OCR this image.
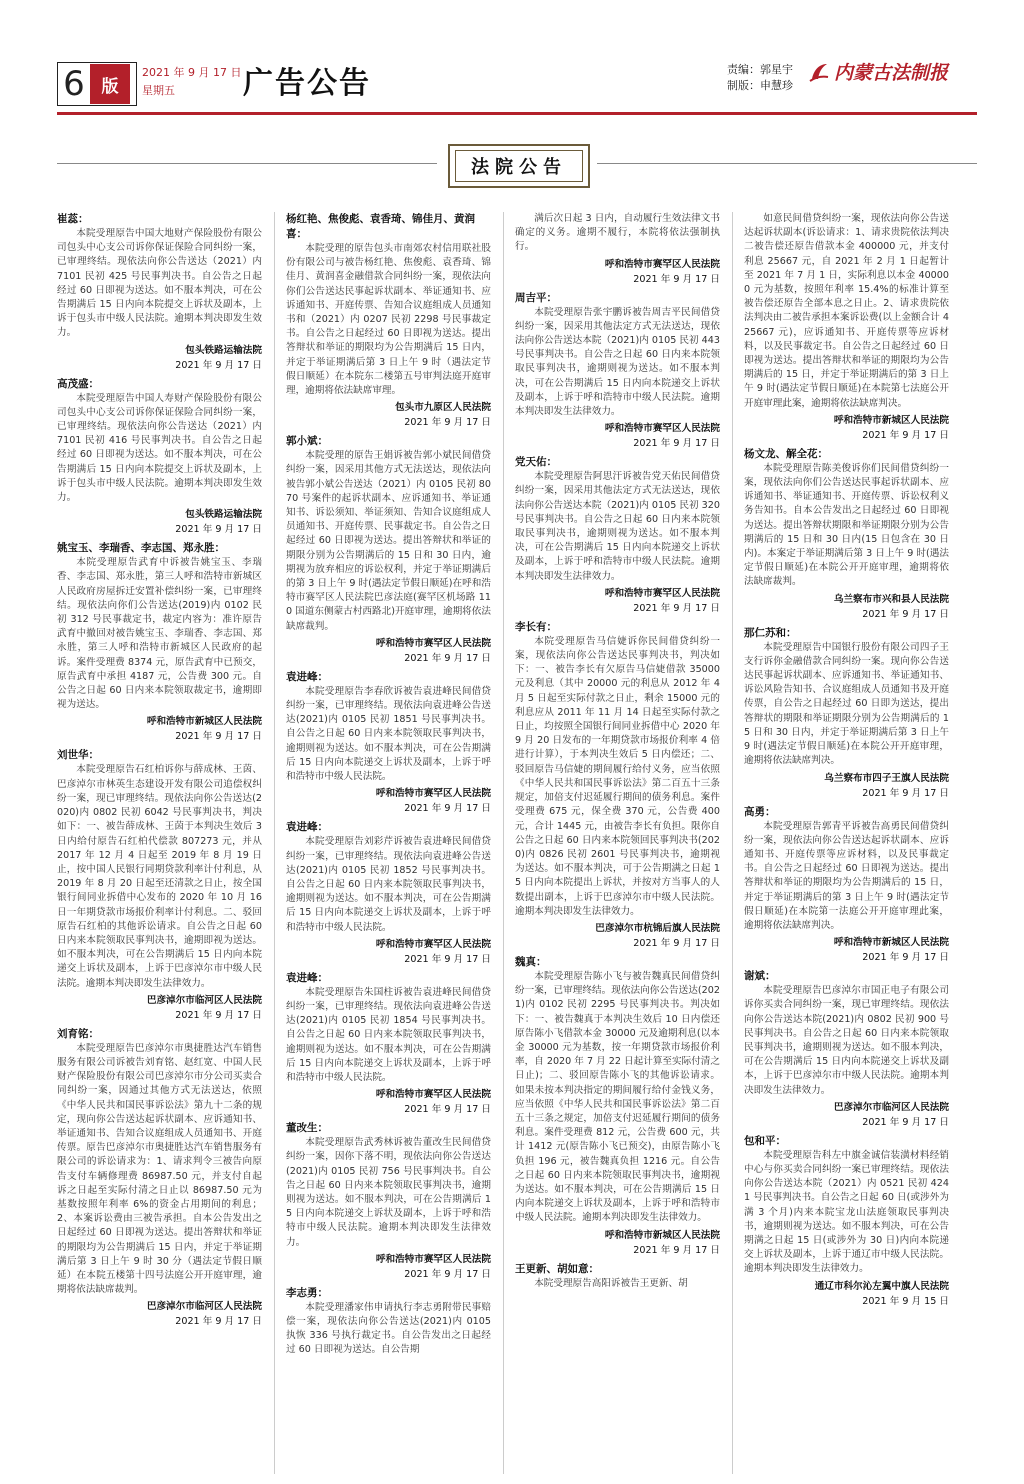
6 版
2021 年 9 月 17 日
星期五	广告公告	责编：郭星宇
制版：申慧珍
内蒙古法制报
法院公告

崔蕊：

本院受理原告中国大地财产保险股份有限公司包头中心支公司诉你保证保险合同纠纷一案，已审理终结。现依法向你公告送达（2021）内 7101 民初 425 号民事判决书。自公告之日起经过 60 日即视为送达。如不服本判决，可在公告期满后 15 日内向本院提交上诉状及副本，上诉于包头市中级人民法院。逾期本判决即发生效力。

包头铁路运输法院

2021 年 9 月 17 日

高茂盛：

本院受理原告中国人寿财产保险股份有限公司包头中心支公司诉你保证保险合同纠纷一案，已审理终结。现依法向你公告送达（2021）内 7101 民初 416 号民事判决书。自公告之日起经过 60 日即视为送达。如不服本判决，可在公告期满后 15 日内向本院提交上诉状及副本，上诉于包头市中级人民法院。逾期本判决即发生效力。

包头铁路运输法院

2021 年 9 月 17 日

姚宝玉、李瑞香、李志国、郑永胜：

本院受理原告武育中诉被告姚宝玉、李瑞香、李志国、郑永胜，第三人呼和浩特市新城区人民政府房屋拆迁安置补偿纠纷一案，已审理终结。现依法向你们公告送达(2019)内 0102 民初 312 号民事裁定书，裁定内容为：准许原告武育中撤回对被告姚宝玉、李瑞香、李志国、郑永胜，第三人呼和浩特市新城区人民政府的起诉。案件受理费 8374 元，原告武育中已预交，原告武育中承担 4187 元，公告费 300 元。自公告之日起 60 日内来本院领取裁定书，逾期即视为送达。

呼和浩特市新城区人民法院

2021 年 9 月 17 日

刘世华：

本院受理原告石红柏诉你与薛成林、王茵、巴彦淖尔市林英生态建设开发有限公司追偿权纠纷一案，现已审理终结。现依法向你公告送达(2020)内 0802 民初 6042 号民事判决书，判决如下：一、被告薛成林、王茵于本判决生效后 3 日内给付原告石红柏代偿款 807273 元，并从 2017 年 12 月 4 日起至 2019 年 8 月 19 日止，按中国人民银行同期贷款利率计付利息，从 2019 年 8 月 20 日起至还清款之日止，按全国银行间同业拆借中心发布的 2020 年 10 月 16 日一年期贷款市场报价利率计付利息。二、驳回原告石红柏的其他诉讼请求。自公告之日起 60 日内来本院领取民事判决书，逾期即视为送达。如不服本判决，可在公告期满后 15 日内向本院递交上诉状及副本，上诉于巴彦淖尔市中级人民法院。逾期本判决即发生法律效力。

巴彦淖尔市临河区人民法院

2021 年 9 月 17 日

刘育铭：

本院受理原告巴彦淖尔市奥捷胜达汽车销售服务有限公司诉被告刘育铭、赵红宽、中国人民财产保险股份有限公司巴彦淖尔市分公司买卖合同纠纷一案，因通过其他方式无法送达，依照《中华人民共和国民事诉讼法》第九十二条的规定，现向你公告送达起诉状副本、应诉通知书、举证通知书、告知合议庭组成人员通知书、开庭传票。原告巴彦淖尔市奥捷胜达汽车销售服务有限公司的诉讼请求为：1、请求判令三被告向原告支付车辆修理费 86987.50 元，并支付自起诉之日起至实际付清之日止以 86987.50 元为基数按照年利率 6%的资金占用期间的利息；2、本案诉讼费由三被告承担。自本公告发出之日起经过 60 日即视为送达。提出答辩状和举证的期限均为公告期满后 15 日内，并定于举证期满后第 3 日上午 9 时 30 分（遇法定节假日顺延）在本院五楼第十四号法庭公开开庭审理，逾期将依法缺席裁判。

巴彦淖尔市临河区人民法院

2021 年 9 月 17 日

杨红艳、焦俊彪、袁香琦、锦佳月、黄润喜：

本院受理的原告包头市南郊农村信用联社股份有限公司与被告杨红艳、焦俊彪、袁香琦、锦佳月、黄润喜金融借款合同纠纷一案，现依法向你们公告送达民事起诉状副本、举证通知书、应诉通知书、开庭传票、告知合议庭组成人员通知书和（2021）内 0207 民初 2298 号民事裁定书。自公告之日起经过 60 日即视为送达。提出答辩状和举证的期限均为公告期满后 15 日内，并定于举证期满后第 3 日上午 9 时（遇法定节假日顺延）在本院东二楼第五号审判法庭开庭审理，逾期将依法缺席审理。

包头市九原区人民法院

2021 年 9 月 17 日

郭小斌：

本院受理的原告王娟诉被告郭小斌民间借贷纠纷一案，因采用其他方式无法送达，现依法向被告郭小斌公告送达（2021）内 0105 民初 8070 号案件的起诉状副本、应诉通知书、举证通知书、诉讼须知、举证须知、告知合议庭组成人员通知书、开庭传票、民事裁定书。自公告之日起经过 60 日即视为送达。提出答辩状和举证的期限分别为公告期满后的 15 日和 30 日内，逾期视为放弃相应的诉讼权利，并定于举证期满后的第 3 日上午 9 时(遇法定节假日顺延)在呼和浩特市赛罕区人民法院巴彦法庭(赛罕区机场路 110 国道东侧蒙古村西路北)开庭审理，逾期将依法缺席裁判。

呼和浩特市赛罕区人民法院

2021 年 9 月 17 日

袁进峰：

本院受理原告李春欣诉被告袁进峰民间借贷纠纷一案，已审理终结。现依法向袁进峰公告送达(2021)内 0105 民初 1851 号民事判决书。自公告之日起 60 日内来本院领取民事判决书，逾期则视为送达。如不服本判决，可在公告期满后 15 日内向本院递交上诉状及副本，上诉于呼和浩特市中级人民法院。

呼和浩特市赛罕区人民法院

2021 年 9 月 17 日

袁进峰：

本院受理原告刘彩芹诉被告袁进峰民间借贷纠纷一案，已审理终结。现依法向袁进峰公告送达(2021)内 0105 民初 1852 号民事判决书。自公告之日起 60 日内来本院领取民事判决书，逾期则视为送达。如不服本判决，可在公告期满后 15 日内向本院递交上诉状及副本，上诉于呼和浩特市中级人民法院。

呼和浩特市赛罕区人民法院

2021 年 9 月 17 日

袁进峰：

本院受理原告朱国柱诉被告袁进峰民间借贷纠纷一案，已审理终结。现依法向袁进峰公告送达(2021)内 0105 民初 1854 号民事判决书。自公告之日起 60 日内来本院领取民事判决书，逾期则视为送达。如不服本判决，可在公告期满后 15 日内向本院递交上诉状及副本，上诉于呼和浩特市中级人民法院。

呼和浩特市赛罕区人民法院

2021 年 9 月 17 日

董改生：

本院受理原告武秀林诉被告董改生民间借贷纠纷一案，因你下落不明，现依法向你公告送达(2021)内 0105 民初 756 号民事判决书。自公告之日起 60 日内来本院领取民事判决书，逾期则视为送达。如不服本判决，可在公告期满后 15 日内向本院递交上诉状及副本，上诉于呼和浩特市中级人民法院。逾期本判决即发生法律效力。

呼和浩特市赛罕区人民法院

2021 年 9 月 17 日

李志勇：

本院受理潘家伟申请执行李志勇附带民事赔偿一案，现依法向你公告送达(2021)内 0105 执恢 336 号执行裁定书。自公告发出之日起经过 60 日即视为送达。自公告期

满后次日起 3 日内，自动履行生效法律文书确定的义务。逾期不履行，本院将依法强制执行。

呼和浩特市赛罕区人民法院

2021 年 9 月 17 日

周吉平：

本院受理原告张宇鹏诉被告周吉平民间借贷纠纷一案，因采用其他法定方式无法送达，现依法向你公告送达本院（2021)内 0105 民初 443 号民事判决书。自公告之日起 60 日内来本院领取民事判决书，逾期则视为送达。如不服本判决，可在公告期满后 15 日内向本院递交上诉状及副本，上诉于呼和浩特市中级人民法院。逾期本判决即发生法律效力。

呼和浩特市赛罕区人民法院

2021 年 9 月 17 日

党天佑：

本院受理原告阿思汗诉被告党天佑民间借贷纠纷一案，因采用其他法定方式无法送达，现依法向你公告送达本院（2021)内 0105 民初 320 号民事判决书。自公告之日起 60 日内来本院领取民事判决书，逾期则视为送达。如不服本判决，可在公告期满后 15 日内向本院递交上诉状及副本，上诉于呼和浩特市中级人民法院。逾期本判决即发生法律效力。

呼和浩特市赛罕区人民法院

2021 年 9 月 17 日

李长有：

本院受理原告马信婕诉你民间借贷纠纷一案，现依法向你公告送达民事判决书，判决如下：一、被告李长有欠原告马信婕借款 35000 元及利息（其中 20000 元的利息从 2012 年 4 月 5 日起至实际付款之日止，剩余 15000 元的利息应从 2011 年 11 月 14 日起至实际付款之日止，均按照全国银行间同业拆借中心 2020 年 9 月 20 日发布的一年期贷款市场报价利率 4 倍进行计算），于本判决生效后 5 日内偿还；二、驳回原告马信婕的期间履行给付义务，应当依照《中华人民共和国民事诉讼法》第二百五十三条规定，加倍支付迟延履行期间的债务利息。案件受理费 675 元，保全费 370 元，公告费 400 元，合计 1445 元，由被告李长有负担。限你自公告之日起 60 日内来本院领回民事判决书(2020)内 0826 民初 2601 号民事判决书，逾期视为送达。如不服本判决，可于公告期满之日起 15 日内向本院提出上诉状，并按对方当事人的人数提出副本，上诉于巴彦淖尔市中级人民法院。逾期本判决即发生法律效力。

巴彦淖尔市杭锦后旗人民法院

2021 年 9 月 17 日

魏真：

本院受理原告陈小飞与被告魏真民间借贷纠纷一案，已审理终结。现依法向你公告送达(2021)内 0102 民初 2295 号民事判决书。判决如下：一、被告魏真于本判决生效后 10 日内偿还原告陈小飞借款本金 30000 元及逾期利息(以本金 30000 元为基数，按一年期贷款市场报价利率，自 2020 年 7 月 22 日起计算至实际付清之日止)；二、驳回原告陈小飞的其他诉讼请求。如果未按本判决指定的期间履行给付金钱义务，应当依照《中华人民共和国民事诉讼法》第二百五十三条之规定，加倍支付迟延履行期间的债务利息。案件受理费 812 元，公告费 600 元，共计 1412 元(原告陈小飞已预交)，由原告陈小飞负担 196 元，被告魏真负担 1216 元。自公告之日起 60 日内来本院领取民事判决书，逾期视为送达。如不服本判决，可在公告期满后 15 日内向本院递交上诉状及副本，上诉于呼和浩特市中级人民法院。逾期本判决即发生法律效力。

呼和浩特市新城区人民法院

2021 年 9 月 17 日

王更新、胡如意：

本院受理原告高阳诉被告王更新、胡

如意民间借贷纠纷一案，现依法向你公告送达起诉状副本(诉讼请求：1、请求贵院依法判决二被告偿还原告借款本金 400000 元，并支付利息 25667 元，自 2021 年 2 月 1 日起暂计至 2021 年 7 月 1 日，实际利息以本金 400000 元为基数，按照年利率 15.4%的标准计算至被告偿还原告全部本息之日止。2、请求贵院依法判决由二被告承担本案诉讼费(以上金额合计 425667 元)，应诉通知书、开庭传票等应诉材料，以及民事裁定书。自公告之日起经过 60 日即视为送达。提出答辩状和举证的期限均为公告期满后的 15 日，并定于举证期满后的第 3 日上午 9 时(遇法定节假日顺延)在本院第七法庭公开开庭审理此案，逾期将依法缺席判决。

呼和浩特市新城区人民法院

2021 年 9 月 17 日

杨文龙、解全花：

本院受理原告陈美俊诉你们民间借贷纠纷一案，现依法向你们公告送达民事起诉状副本、应诉通知书、举证通知书、开庭传票、诉讼权利义务告知书。自本公告发出之日起经过 60 日即视为送达。提出答辩状期限和举证期限分别为公告期满后的 15 日和 30 日内(15 日包含在 30 日内)。本案定于举证期满后第 3 日上午 9 时(遇法定节假日顺延)在本院公开开庭审理，逾期将依法缺席裁判。

乌兰察布市兴和县人民法院

2021 年 9 月 17 日

那仁苏和：

本院受理原告中国银行股份有限公司四子王支行诉你金融借款合同纠纷一案。现向你公告送达民事起诉状副本、应诉通知书、举证通知书、诉讼风险告知书、合议庭组成人员通知书及开庭传票，自公告之日起经过 60 日即为送达，提出答辩状的期限和举证期限分别为公告期满后的 15 日和 30 日内，并定于举证期满后第 3 日上午 9 时(遇法定节假日顺延)在本院公开开庭审理，逾期将依法缺席判决。

乌兰察布市四子王旗人民法院

2021 年 9 月 17 日

高勇：

本院受理原告郭青平诉被告高勇民间借贷纠纷一案，现依法向你公告送达起诉状副本、应诉通知书、开庭传票等应诉材料，以及民事裁定书。自公告之日起经过 60 日即视为送达。提出答辩状和举证的期限均为公告期满后的 15 日，并定于举证期满后的第 3 日上午 9 时(遇法定节假日顺延)在本院第一法庭公开开庭审理此案，逾期将依法缺席判决。

呼和浩特市新城区人民法院

2021 年 9 月 17 日

谢斌：

本院受理原告巴彦淖尔市国正电子有限公司诉你买卖合同纠纷一案，现已审理终结。现依法向你公告送达本院(2021)内 0802 民初 900 号民事判决书。自公告之日起 60 日内来本院领取民事判决书，逾期则视为送达。如不服本判决，可在公告期满后 15 日内向本院递交上诉状及副本，上诉于巴彦淖尔市中级人民法院。逾期本判决即发生法律效力。

巴彦淖尔市临河区人民法院

2021 年 9 月 17 日

包和平：

本院受理原告科左中旗金诚信装潢材料经销中心与你买卖合同纠纷一案已审理终结。现依法向你公告送达本院（2021）内 0521 民初 4241 号民事判决书。自公告之日起 60 日(或涉外为满 3 个月)内来本院宝龙山法庭领取民事判决书，逾期则视为送达。如不服本判决，可在公告期满之日起 15 日(或涉外为 30 日)内向本院递交上诉状及副本，上诉于通辽市中级人民法院。逾期本判决即发生法律效力。

通辽市科尔沁左翼中旗人民法院

2021 年 9 月 15 日
